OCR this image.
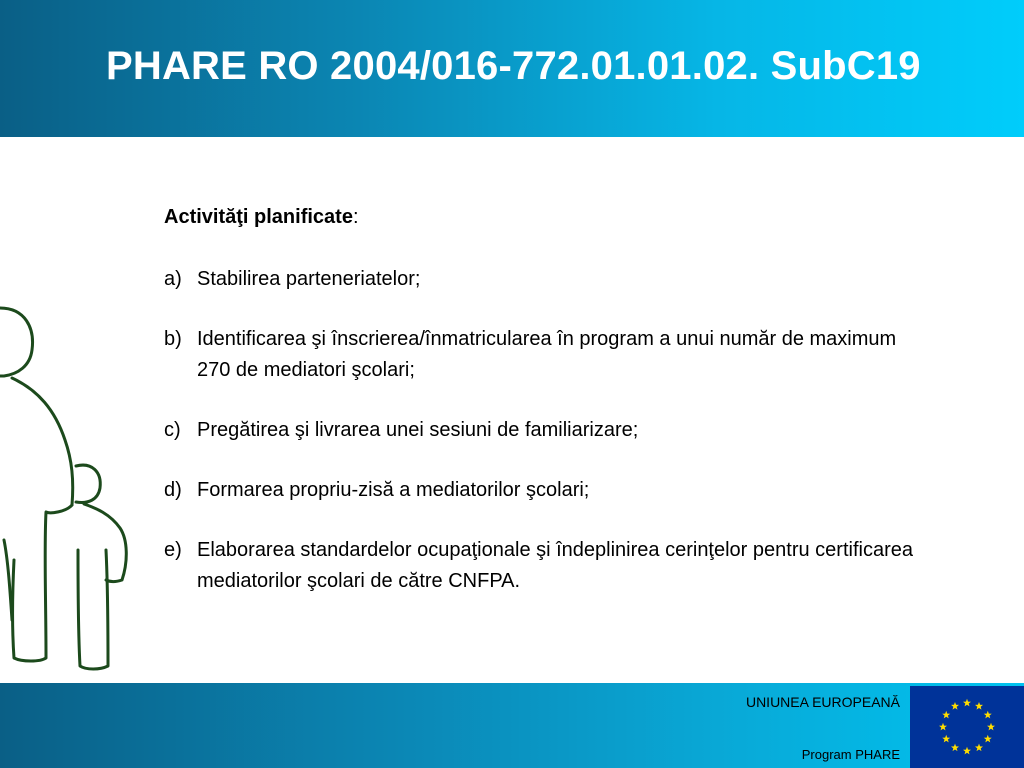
PHARE RO 2004/016-772.01.01.02. SubC19
Activităţi planificate:
a) Stabilirea parteneriatelor;
b) Identificarea şi înscrierea/înmatricularea în program a unui număr de maximum 270 de mediatori şcolari;
c) Pregătirea şi livrarea unei sesiuni de familiarizare;
d) Formarea propriu-zisă a mediatorilor şcolari;
e) Elaborarea standardelor ocupaţionale şi îndeplinirea cerinţelor pentru certificarea mediatorilor şcolari de către CNFPA.
UNIUNEA EUROPEANĂ
Program PHARE
